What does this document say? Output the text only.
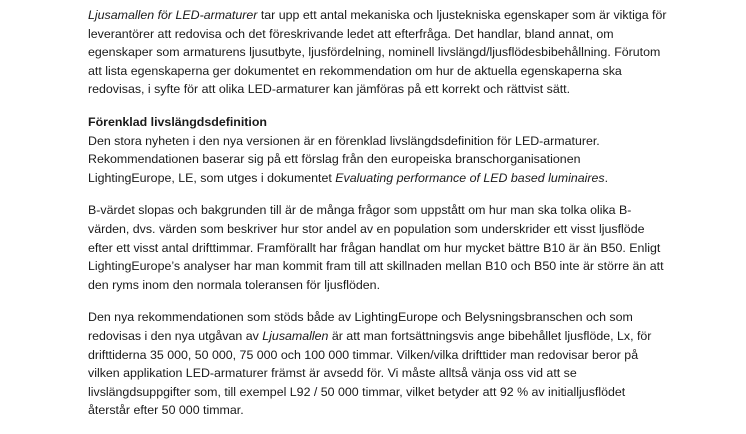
Ljusamallen för LED-armaturer tar upp ett antal mekaniska och ljustekniska egenskaper som är viktiga för leverantörer att redovisa och det föreskrivande ledet att efterfråga. Det handlar, bland annat, om egenskaper som armaturens ljusutbyte, ljusfördelning, nominell livslängd/ljusflödesbibehållning. Förutom att lista egenskaperna ger dokumentet en rekommendation om hur de aktuella egenskaperna ska redovisas, i syfte för att olika LED-armaturer kan jämföras på ett korrekt och rättvist sätt.

Förenklad livslängdsdefinition
Den stora nyheten i den nya versionen är en förenklad livslängdsdefinition för LED-armaturer. Rekommendationen baserar sig på ett förslag från den europeiska branschorganisationen LightingEurope, LE, som utges i dokumentet Evaluating performance of LED based luminaires.

B-värdet slopas och bakgrunden till är de många frågor som uppstått om hur man ska tolka olika B-värden, dvs. värden som beskriver hur stor andel av en population som underskrider ett visst ljusflöde efter ett visst antal drifttimmar. Framförallt har frågan handlat om hur mycket bättre B10 är än B50. Enligt LightingEurope’s analyser har man kommit fram till att skillnaden mellan B10 och B50 inte är större än att den ryms inom den normala toleransen för ljusflöden.

Den nya rekommendationen som stöds både av LightingEurope och Belysningsbranschen och som redovisas i den nya utgåvan av Ljusamallen är att man fortsättningsvis ange bibehållet ljusflöde, Lx, för drifttiderna 35 000, 50 000, 75 000 och 100 000 timmar. Vilken/vilka drifttider man redovisar beror på vilken applikation LED-armaturer främst är avsedd för. Vi måste alltså vänja oss vid att se livslängdsuppgifter som, till exempel L92 / 50 000 timmar, vilket betyder att 92 % av initialljusflödet återstår efter 50 000 timmar.
